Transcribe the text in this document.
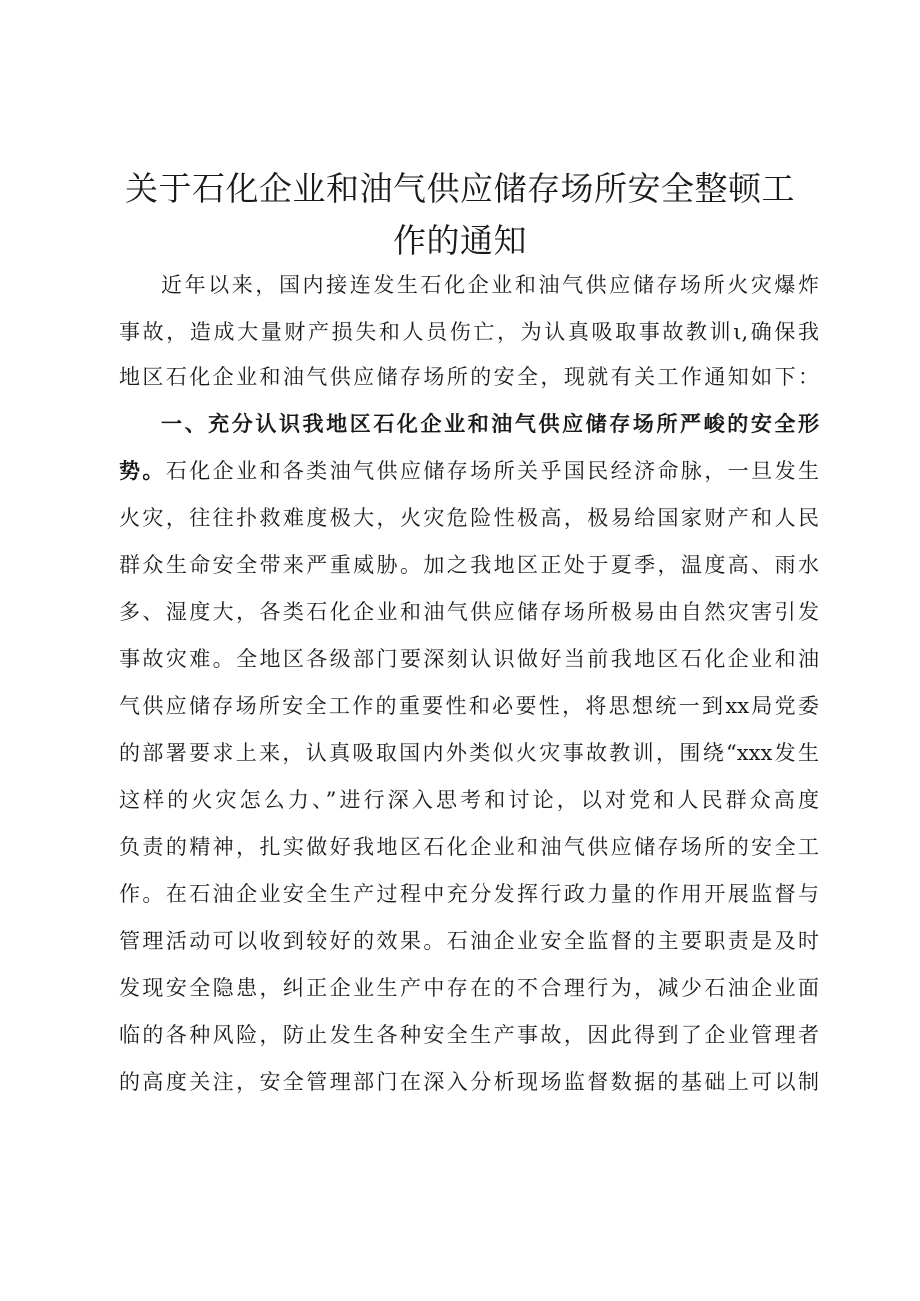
关于石化企业和油气供应储存场所安全整顿工
作的通知

近年以来，国内接连发生石化企业和油气供应储存场所火灾爆炸

事故，造成大量财产损失和人员伤亡，为认真吸取事故教训ι,确保我

地区石化企业和油气供应储存场所的安全，现就有关工作通知如下：

一、充分认识我地区石化企业和油气供应储存场所严峻的安全形

势。石化企业和各类油气供应储存场所关乎国民经济命脉，一旦发生

火灾，往往扑救难度极大，火灾危险性极高，极易给国家财产和人民

群众生命安全带来严重威胁。加之我地区正处于夏季，温度高、雨水

多、湿度大，各类石化企业和油气供应储存场所极易由自然灾害引发

事故灾难。全地区各级部门要深刻认识做好当前我地区石化企业和油

气供应储存场所安全工作的重要性和必要性，将思想统一到xx局党委

的部署要求上来，认真吸取国内外类似火灾事故教训，围绕“xxx发生

这样的火灾怎么力、”进行深入思考和讨论，以对党和人民群众高度

负责的精神，扎实做好我地区石化企业和油气供应储存场所的安全工

作。在石油企业安全生产过程中充分发挥行政力量的作用开展监督与

管理活动可以收到较好的效果。石油企业安全监督的主要职责是及时

发现安全隐患，纠正企业生产中存在的不合理行为，减少石油企业面

临的各种风险，防止发生各种安全生产事故，因此得到了企业管理者

的高度关注，安全管理部门在深入分析现场监督数据的基础上可以制
